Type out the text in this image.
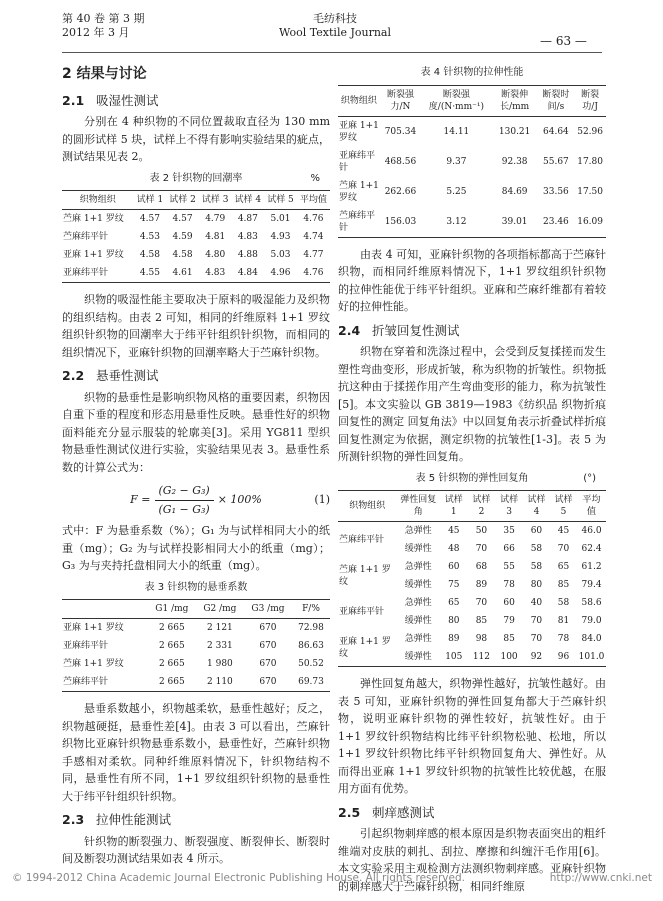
第 40 卷 第 3 期
2012 年 3 月
毛纺科技
Wool Textile Journal
— 63 —
2 结果与讨论
2.1 吸湿性测试

分别在 4 种织物的不同位置裁取直径为 130 mm 的圆形试样 5 块，试样上不得有影响实验结果的疵点，测试结果见表 2。

表 2 针织物的回潮率	%
织物组织	试样 1	试样 2	试样 3	试样 4	试样 5	平均值
苎麻 1+1 罗纹	4.57	4.57	4.79	4.87	5.01	4.76
苎麻纬平针	4.53	4.59	4.81	4.83	4.93	4.74
亚麻 1+1 罗纹	4.58	4.58	4.80	4.88	5.03	4.77
亚麻纬平针	4.55	4.61	4.83	4.84	4.96	4.76

织物的吸湿性能主要取决于原料的吸湿能力及织物的组织结构。由表 2 可知，相同的纤维原料 1+1 罗纹组织针织物的回潮率大于纬平针组织针织物，而相同的组织情况下，亚麻针织物的回潮率略大于苎麻针织物。

2.2 悬垂性测试

织物的悬垂性是影响织物风格的重要因素，织物因自重下垂的程度和形态用悬垂性反映。悬垂性好的织物面料能充分显示服装的轮廓美[3]。采用 YG811 型织物悬垂性测试仪进行实验，实验结果见表 3。悬垂性系数的计算公式为：

$F = \frac{\text{(G₂ − G₃)}}{\text{(G₁ − G₃)}} \times 100\%$	(1)

式中：F 为悬垂系数（%）；G₁ 为与试样相同大小的纸重（mg）；G₂ 为与试样投影相同大小的纸重（mg）；G₃ 为与夹持托盘相同大小的纸重（mg）。

表 3 针织物的悬垂系数
	G1 /mg	G2 /mg	G3 /mg	F/%
亚麻 1+1 罗纹	2 665	2 121	670	72.98
亚麻纬平针	2 665	2 331	670	86.63
苎麻 1+1 罗纹	2 665	1 980	670	50.52
苎麻纬平针	2 665	2 110	670	69.73

悬垂系数越小，织物越柔软，悬垂性越好；反之，织物越硬挺，悬垂性差[4]。由表 3 可以看出，苎麻针织物比亚麻针织物悬垂系数小，悬垂性好，苎麻针织物手感相对柔软。同种纤维原料情况下，针织物结构不同，悬垂性有所不同，1+1 罗纹组织针织物的悬垂性大于纬平针组织针织物。

2.3 拉伸性能测试

针织物的断裂强力、断裂强度、断裂伸长、断裂时间及断裂功测试结果如表 4 所示。

表 4 针织物的拉伸性能
织物组织	断裂强力/N	断裂强度/(N·mm⁻¹)	断裂伸长/mm	断裂时间/s	断裂功/J
亚麻 1+1 罗纹	705.34	14.11	130.21	64.64	52.96
亚麻纬平针	468.56	9.37	92.38	55.67	17.80
苎麻 1+1 罗纹	262.66	5.25	84.69	33.56	17.50
苎麻纬平针	156.03	3.12	39.01	23.46	16.09

由表 4 可知，亚麻针织物的各项指标都高于苎麻针织物，而相同纤维原料情况下，1+1 罗纹组织针织物的拉伸性能优于纬平针组织。亚麻和苎麻纤维都有着较好的拉伸性能。

2.4 折皱回复性测试

织物在穿着和洗涤过程中，会受到反复揉搓而发生塑性弯曲变形，形成折皱，称为织物的折皱性。织物抵抗这种由于揉搓作用产生弯曲变形的能力，称为抗皱性[5]。本文实验以 GB 3819—1983《纺织品 织物折痕回复性的测定 回复角法》中以回复角表示折叠试样折痕回复性测定为依据，测定织物的抗皱性[1-3]。表 5 为所测针织物的弹性回复角。

表 5 针织物的弹性回复角	(°)
织物组织	弹性回复角	试样 1	试样 2	试样 3	试样 4	试样 5	平均值
苎麻纬平针	急弹性	45	50	35	60	45	46.0
	缓弹性	48	70	66	58	70	62.4
苎麻 1+1 罗纹	急弹性	60	68	55	58	65	61.2
	缓弹性	75	89	78	80	85	79.4
亚麻纬平针	急弹性	65	70	60	40	58	58.6
	缓弹性	80	85	79	70	81	79.0
亚麻 1+1 罗纹	急弹性	89	98	85	70	78	84.0
	缓弹性	105	112	100	92	96	101.0

弹性回复角越大，织物弹性越好，抗皱性越好。由表 5 可知，亚麻针织物的弹性回复角都大于苎麻针织物，说明亚麻针织物的弹性较好，抗皱性好。由于 1+1 罗纹针织物结构比纬平针织物松驰、松地，所以 1+1 罗纹针织物比纬平针织物回复角大、弹性好。从而得出亚麻 1+1 罗纹针织物的抗皱性比较优越，在服用方面有优势。

2.5 刺痒感测试

引起织物刺痒感的根本原因是织物表面突出的粗纤维端对皮肤的刺扎、刮拉、摩擦和纠缠汗毛作用[6]。本文实验采用主观检测方法测织物刺痒感。亚麻针织物的刺痒感大于苎麻针织物，相同纤维原

© 1994-2012 China Academic Journal Electronic Publishing House. All rights reserved.	http://www.cnki.net
